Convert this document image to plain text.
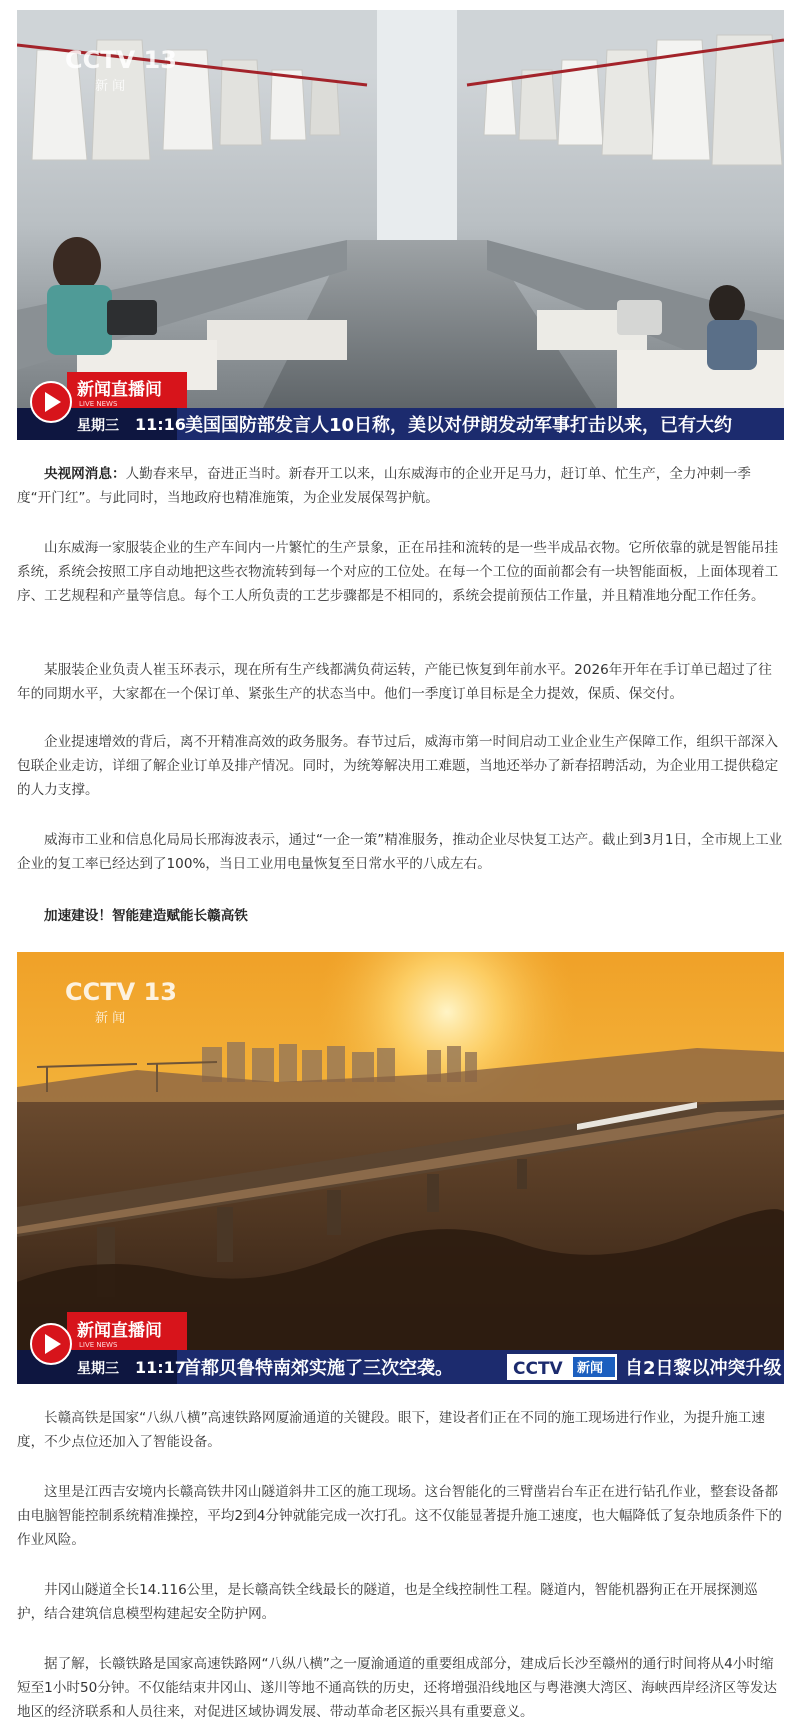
CCTV 13
新 闻
新闻直播间
LIVE NEWS
星期三 11:16 美国国防部发言人10日称，美以对伊朗发动军事打击以来，已有大约

央视网消息：人勤春来早，奋进正当时。新春开工以来，山东威海市的企业开足马力，赶订单、忙生产，全力冲刺一季度“开门红”。与此同时，当地政府也精准施策，为企业发展保驾护航。

山东威海一家服装企业的生产车间内一片繁忙的生产景象，正在吊挂和流转的是一些半成品衣物。它所依靠的就是智能吊挂系统，系统会按照工序自动地把这些衣物流转到每一个对应的工位处。在每一个工位的面前都会有一块智能面板，上面体现着工序、工艺规程和产量等信息。每个工人所负责的工艺步骤都是不相同的，系统会提前预估工作量，并且精准地分配工作任务。

某服装企业负责人崔玉环表示，现在所有生产线都满负荷运转，产能已恢复到年前水平。2026年开年在手订单已超过了往年的同期水平，大家都在一个保订单、紧张生产的状态当中。他们一季度订单目标是全力提效，保质、保交付。

企业提速增效的背后，离不开精准高效的政务服务。春节过后，威海市第一时间启动工业企业生产保障工作，组织干部深入包联企业走访，详细了解企业订单及排产情况。同时，为统筹解决用工难题，当地还举办了新春招聘活动，为企业用工提供稳定的人力支撑。

威海市工业和信息化局局长邢海波表示，通过“一企一策”精准服务，推动企业尽快复工达产。截止到3月1日，全市规上工业企业的复工率已经达到了100%，当日工业用电量恢复至日常水平的八成左右。

加速建设！智能建造赋能长赣高铁

CCTV 13
新 闻
新闻直播间
LIVE NEWS
星期三 11:17
首都贝鲁特南郊实施了三次空袭。	CCTV 新闻 自2日黎以冲突升级

长赣高铁是国家“八纵八横”高速铁路网厦渝通道的关键段。眼下，建设者们正在不同的施工现场进行作业，为提升施工速度，不少点位还加入了智能设备。

这里是江西吉安境内长赣高铁井冈山隧道斜井工区的施工现场。这台智能化的三臂凿岩台车正在进行钻孔作业，整套设备都由电脑智能控制系统精准操控，平均2到4分钟就能完成一次打孔。这不仅能显著提升施工速度，也大幅降低了复杂地质条件下的作业风险。

井冈山隧道全长14.116公里，是长赣高铁全线最长的隧道，也是全线控制性工程。隧道内，智能机器狗正在开展探测巡护，结合建筑信息模型构建起安全防护网。

据了解，长赣铁路是国家高速铁路网“八纵八横”之一厦渝通道的重要组成部分，建成后长沙至赣州的通行时间将从4小时缩短至1小时50分钟。不仅能结束井冈山、遂川等地不通高铁的历史，还将增强沿线地区与粤港澳大湾区、海峡西岸经济区等发达地区的经济联系和人员往来，对促进区域协调发展、带动革命老区振兴具有重要意义。
